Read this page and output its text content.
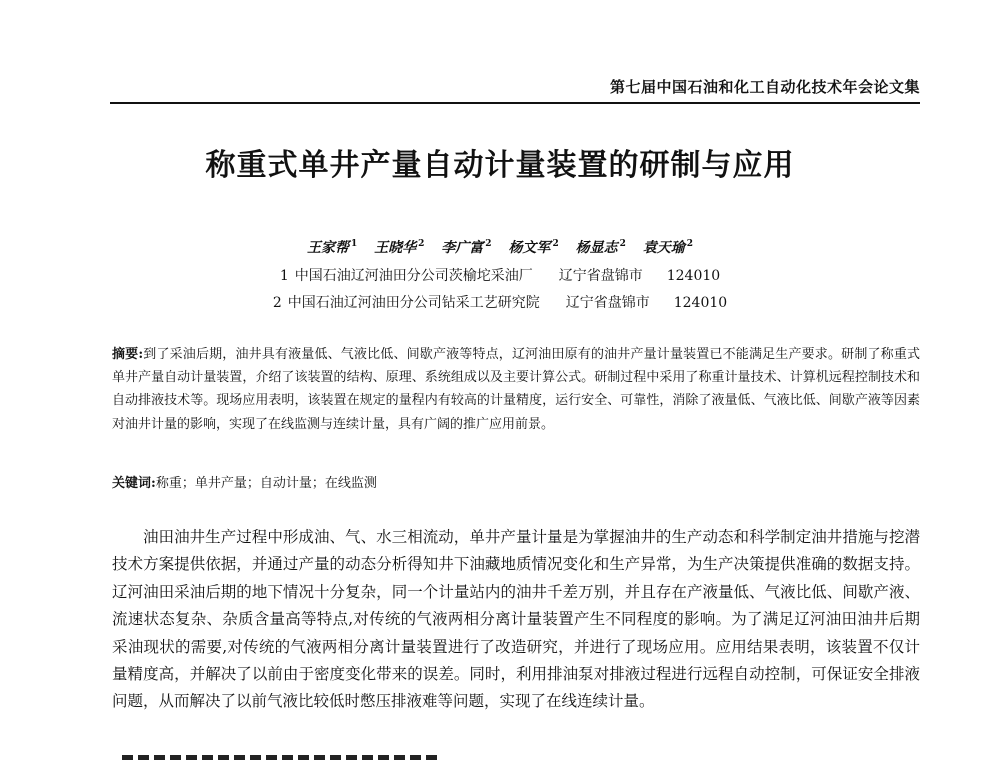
第七届中国石油和化工自动化技术年会论文集
称重式单井产量自动计量装置的研制与应用
王家帮 $^1$ 王晓华 $^2$ 李广富 $^2$ 杨文军 $^2$ 杨显志 $^2$ 袁天瑜 $^2$
1 中国石油辽河油田分公司茨榆坨采油厂 辽宁省盘锦市 124010
2 中国石油辽河油田分公司钻采工艺研究院 辽宁省盘锦市 124010

摘要:到了采油后期，油井具有液量低、气液比低、间歇产液等特点，辽河油田原有的油井产量计量装置已不能满足生产要求。研制了称重式单井产量自动计量装置，介绍了该装置的结构、原理、系统组成以及主要计算公式。研制过程中采用了称重计量技术、计算机远程控制技术和自动排液技术等。现场应用表明，该装置在规定的量程内有较高的计量精度，运行安全、可靠性，消除了液量低、气液比低、间歇产液等因素对油井计量的影响，实现了在线监测与连续计量，具有广阔的推广应用前景。

关键词:称重；单井产量；自动计量；在线监测

油田油井生产过程中形成油、气、水三相流动，单井产量计量是为掌握油井的生产动态和科学制定油井措施与挖潜技术方案提供依据，并通过产量的动态分析得知井下油藏地质情况变化和生产异常，为生产决策提供准确的数据支持。辽河油田采油后期的地下情况十分复杂，同一个计量站内的油井千差万别，并且存在产液量低、气液比低、间歇产液、流速状态复杂、杂质含量高等特点,对传统的气液两相分离计量装置产生不同程度的影响。为了满足辽河油田油井后期采油现状的需要,对传统的气液两相分离计量装置进行了改造研究，并进行了现场应用。应用结果表明，该装置不仅计量精度高，并解决了以前由于密度变化带来的误差。同时，利用排油泵对排液过程进行远程自动控制，可保证安全排液问题，从而解决了以前气液比较低时憋压排液难等问题，实现了在线连续计量。
